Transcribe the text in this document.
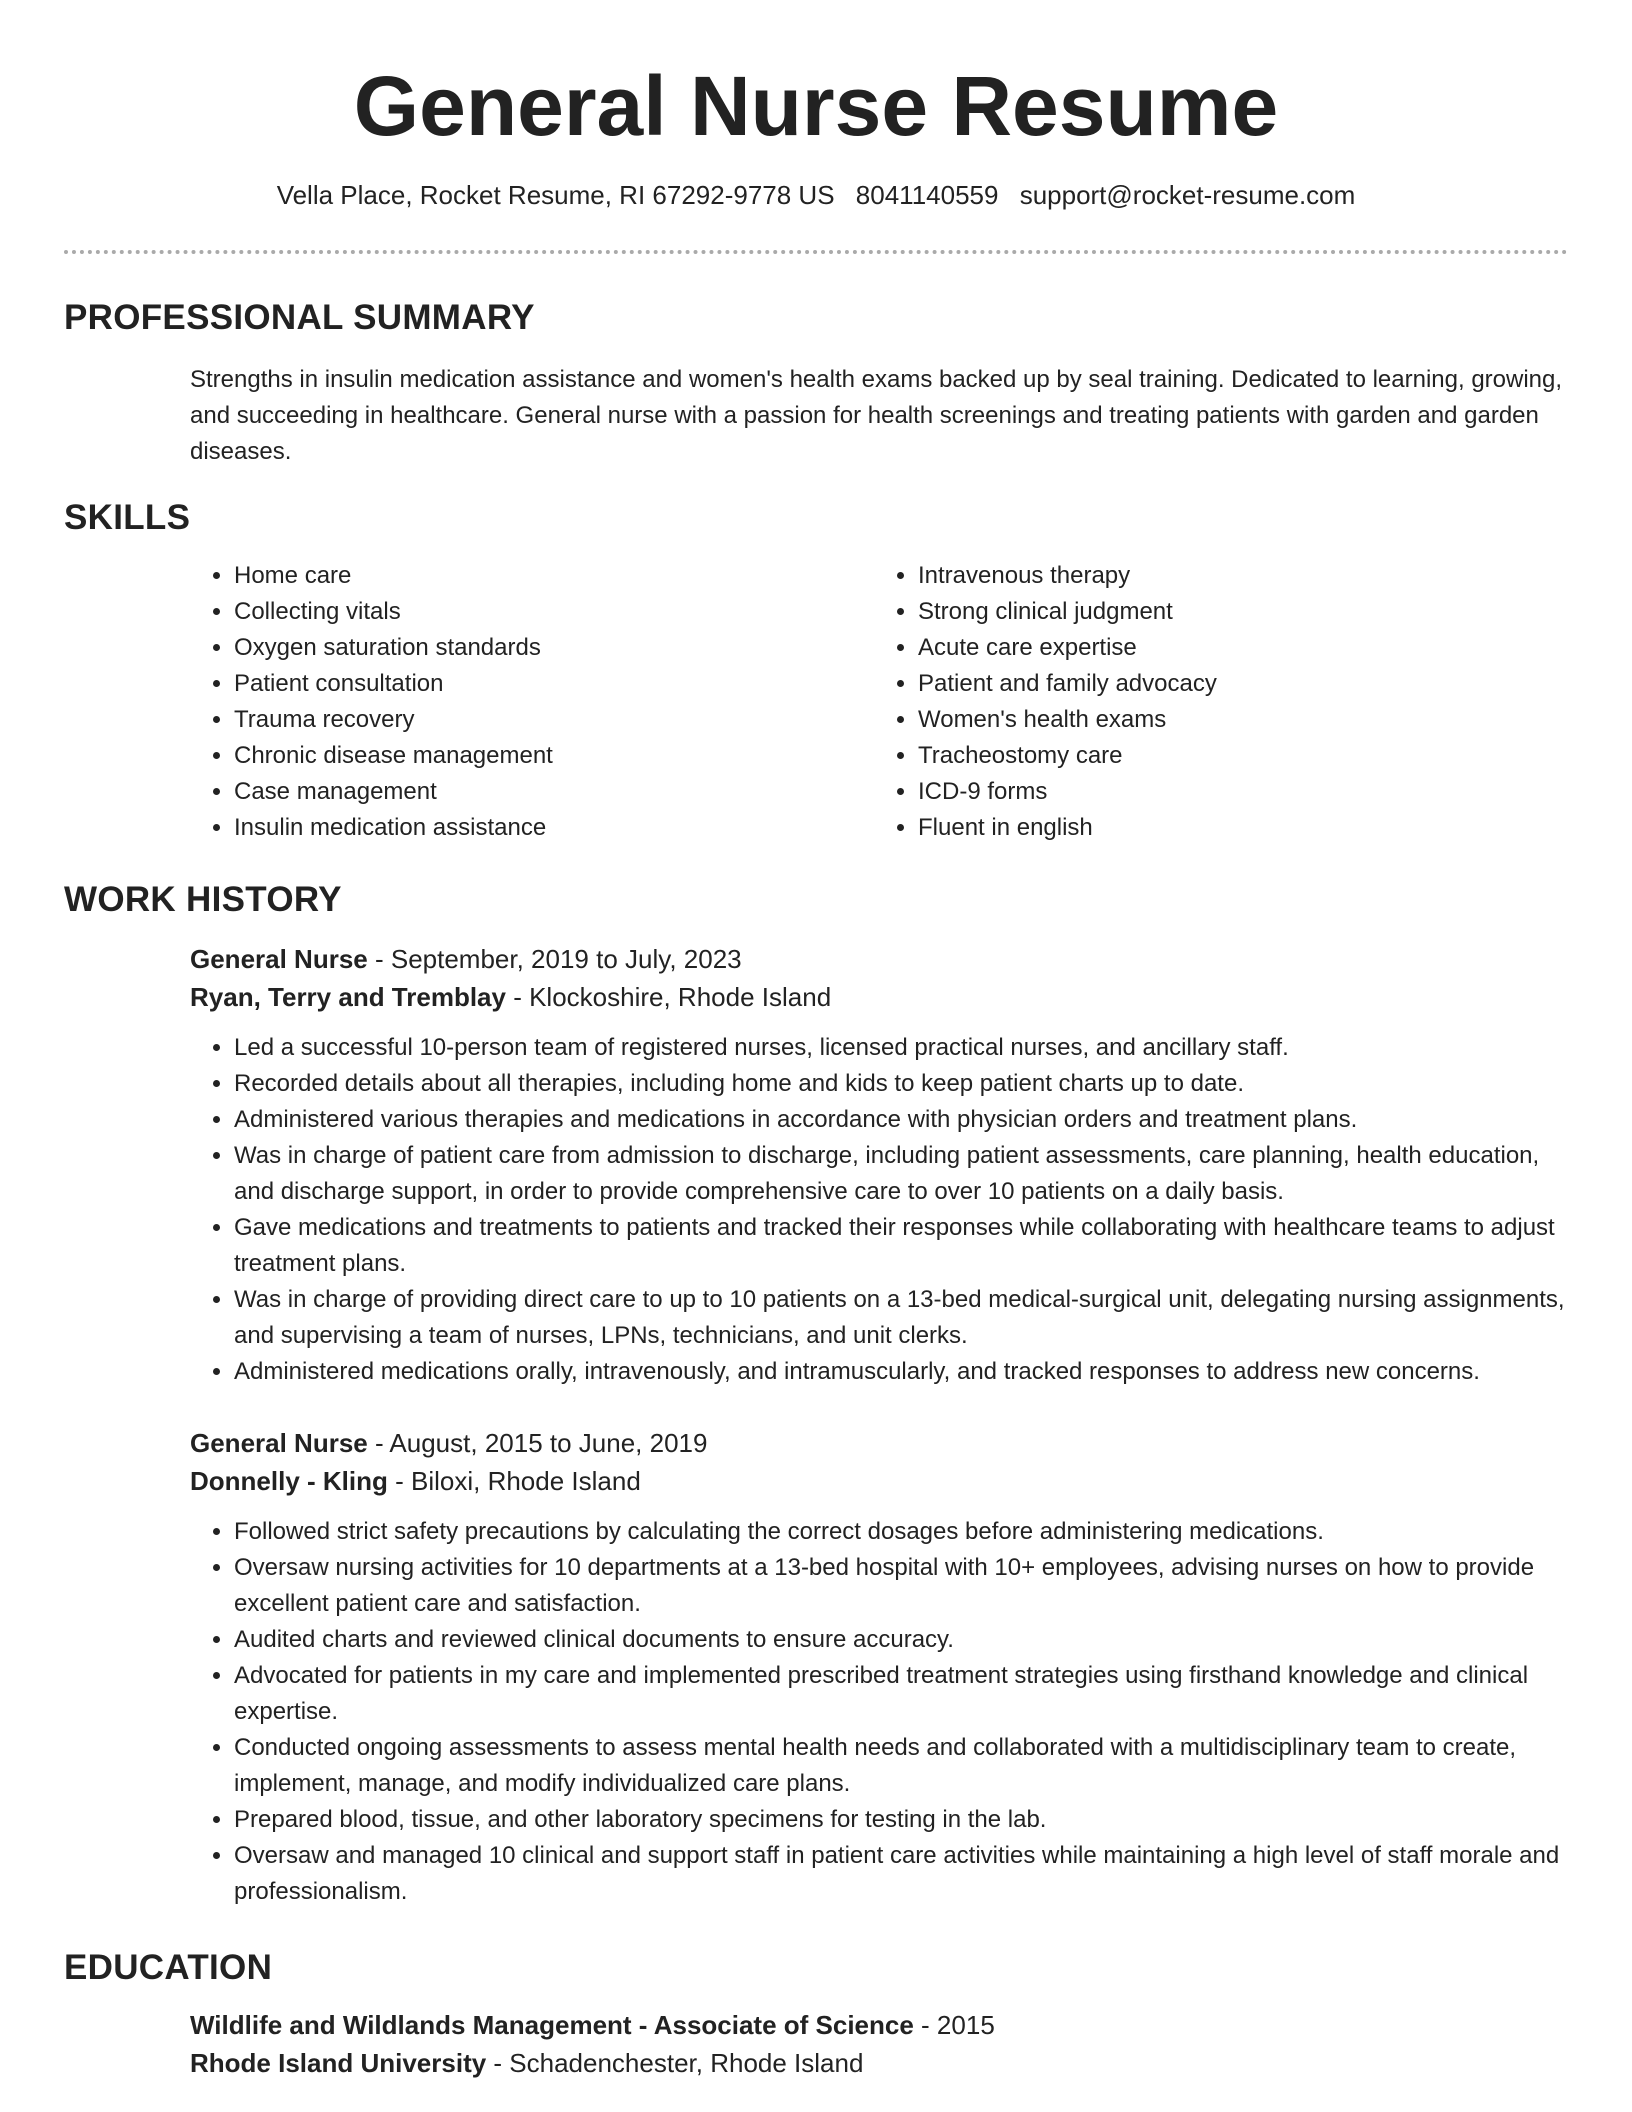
General Nurse Resume
Vella Place, Rocket Resume, RI 67292-9778 US 8041140559 support@rocket-resume.com
PROFESSIONAL SUMMARY
Strengths in insulin medication assistance and women's health exams backed up by seal training. Dedicated to learning, growing, and succeeding in healthcare. General nurse with a passion for health screenings and treating patients with garden and garden diseases.
SKILLS
• Home care
• Collecting vitals
• Oxygen saturation standards
• Patient consultation
• Trauma recovery
• Chronic disease management
• Case management
• Insulin medication assistance
• Intravenous therapy
• Strong clinical judgment
• Acute care expertise
• Patient and family advocacy
• Women's health exams
• Tracheostomy care
• ICD-9 forms
• Fluent in english
WORK HISTORY
General Nurse - September, 2019 to July, 2023
Ryan, Terry and Tremblay - Klockoshire, Rhode Island
• Led a successful 10-person team of registered nurses, licensed practical nurses, and ancillary staff.
• Recorded details about all therapies, including home and kids to keep patient charts up to date.
• Administered various therapies and medications in accordance with physician orders and treatment plans.
• Was in charge of patient care from admission to discharge, including patient assessments, care planning, health education, and discharge support, in order to provide comprehensive care to over 10 patients on a daily basis.
• Gave medications and treatments to patients and tracked their responses while collaborating with healthcare teams to adjust treatment plans.
• Was in charge of providing direct care to up to 10 patients on a 13-bed medical-surgical unit, delegating nursing assignments, and supervising a team of nurses, LPNs, technicians, and unit clerks.
• Administered medications orally, intravenously, and intramuscularly, and tracked responses to address new concerns.
General Nurse - August, 2015 to June, 2019
Donnelly - Kling - Biloxi, Rhode Island
• Followed strict safety precautions by calculating the correct dosages before administering medications.
• Oversaw nursing activities for 10 departments at a 13-bed hospital with 10+ employees, advising nurses on how to provide excellent patient care and satisfaction.
• Audited charts and reviewed clinical documents to ensure accuracy.
• Advocated for patients in my care and implemented prescribed treatment strategies using firsthand knowledge and clinical expertise.
• Conducted ongoing assessments to assess mental health needs and collaborated with a multidisciplinary team to create, implement, manage, and modify individualized care plans.
• Prepared blood, tissue, and other laboratory specimens for testing in the lab.
• Oversaw and managed 10 clinical and support staff in patient care activities while maintaining a high level of staff morale and professionalism.
EDUCATION
Wildlife and Wildlands Management - Associate of Science - 2015
Rhode Island University - Schadenchester, Rhode Island
